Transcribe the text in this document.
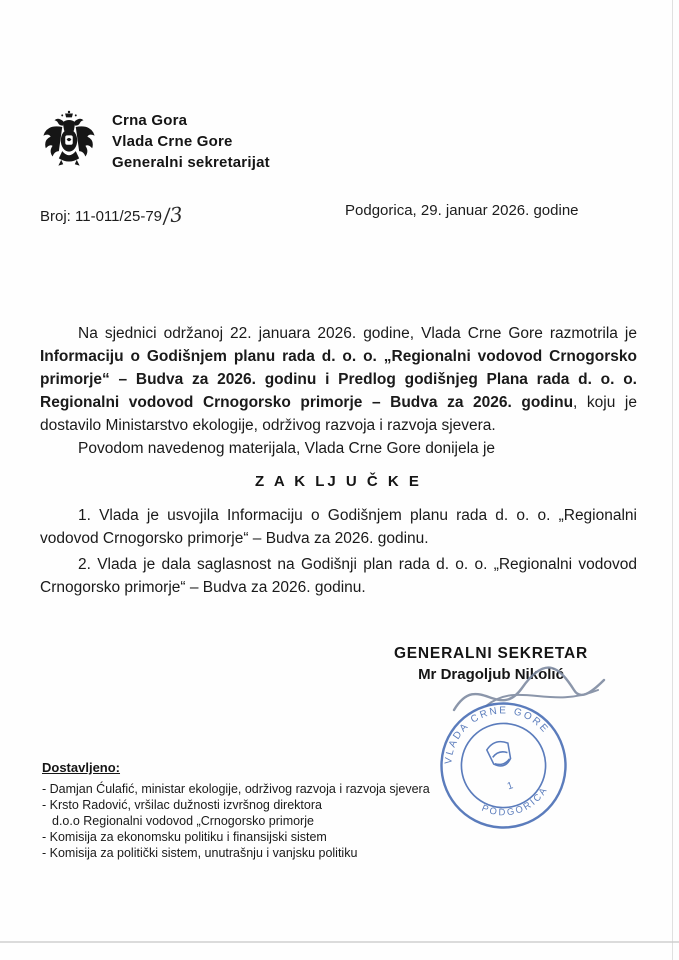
Crna Gora
Vlada Crne Gore
Generalni sekretarijat
Broj: 11-011/25-79/3	Podgorica, 29. januar 2026. godine

Na sjednici održanoj 22. januara 2026. godine, Vlada Crne Gore razmotrila je Informaciju o Godišnjem planu rada d. o. o. „Regionalni vodovod Crnogorsko primorje“ – Budva za 2026. godinu i Predlog godišnjeg Plana rada d. o. o. Regionalni vodovod Crnogorsko primorje – Budva za 2026. godinu, koju je dostavilo Ministarstvo ekologije, održivog razvoja i razvoja sjevera.

Povodom navedenog materijala, Vlada Crne Gore donijela je

Z A K LJ U Č K E

1. Vlada je usvojila Informaciju o Godišnjem planu rada d. o. o. „Regionalni vodovod Crnogorsko primorje“ – Budva za 2026. godinu.

2. Vlada je dala saglasnost na Godišnji plan rada d. o. o. „Regionalni vodovod Crnogorsko primorje“ – Budva za 2026. godinu.

GENERALNI SEKRETAR
Mr Dragoljub Nikolić
VLADA CRNE GORE
PODGORICA
1
Dostavljeno:
- Damjan Ćulafić, ministar ekologije, održivog razvoja i razvoja sjevera
- Krsto Radović, vršilac dužnosti izvršnog direktora
d.o.o Regionalni vodovod „Crnogorsko primorje
- Komisija za ekonomsku politiku i finansijski sistem
- Komisija za politički sistem, unutrašnju i vanjsku politiku
